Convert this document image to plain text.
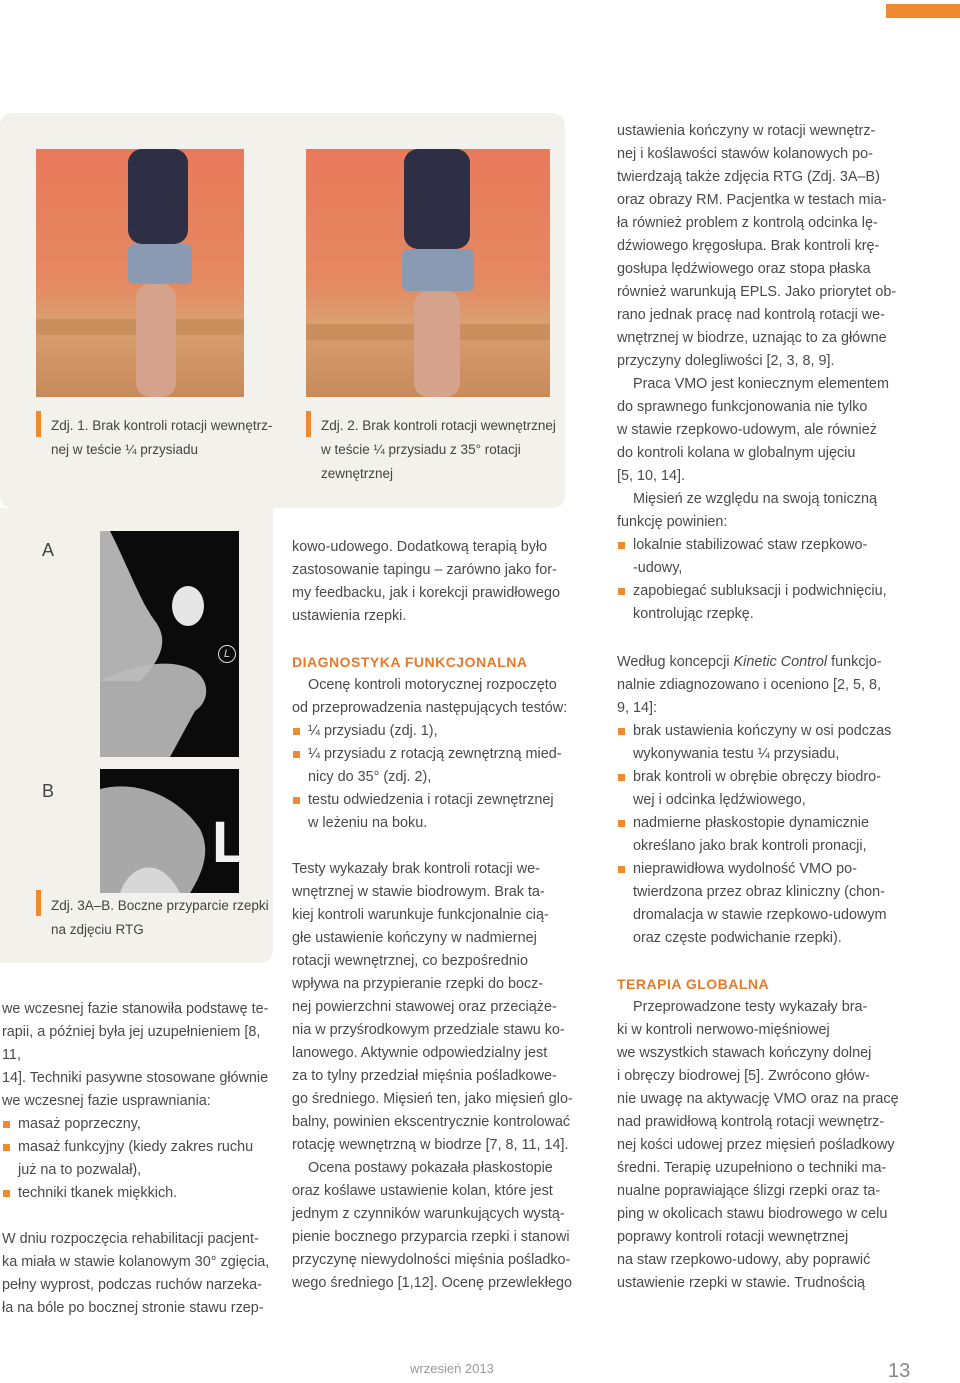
Zdj. 1. Brak kontroli rotacji wewnętrz-
nej w teście ¼ przysiadu
Zdj. 2. Brak kontroli rotacji wewnętrznej
w teście ¼ przysiadu z 35° rotacji
zewnętrznej
A
L
B
L
Zdj. 3A–B. Boczne przyparcie rzepki
na zdjęciu RTG

kowo-udowego. Dodatkową terapią było

zastosowanie tapingu – zarówno jako for-

my feedbacku, jak i korekcji prawidłowego

ustawienia rzepki.

ustawienia kończyny w rotacji wewnętrz-

nej i koślawości stawów kolanowych po-

twierdzają także zdjęcia RTG (Zdj. 3A–B)

oraz obrazy RM. Pacjentka w testach mia-

ła również problem z kontrolą odcinka lę-

dźwiowego kręgosłupa. Brak kontroli krę-

gosłupa lędźwiowego oraz stopa płaska

również warunkują EPLS. Jako priorytet ob-

rano jednak pracę nad kontrolą rotacji we-

wnętrznej w biodrze, uznając to za główne

przyczyny dolegliwości [2, 3, 8, 9].

Praca VMO jest koniecznym elementem

do sprawnego funkcjonowania nie tylko

w stawie rzepkowo-udowym, ale również

do kontroli kolana w globalnym ujęciu

[5, 10, 14].

Mięsień ze względu na swoją toniczną

funkcję powinien:

lokalnie stabilizować staw rzepkowo-
-udowy,
zapobiegać subluksacji i podwichnięciu,
kontrolując rzepkę.

we wczesnej fazie stanowiła podstawę te-

rapii, a później była jej uzupełnieniem [8, 11,

14]. Techniki pasywne stosowane głównie

we wczesnej fazie usprawniania:

masaż poprzeczny,
masaż funkcyjny (kiedy zakres ruchu
już na to pozwalał),
techniki tkanek miękkich.

W dniu rozpoczęcia rehabilitacji pacjent-

ka miała w stawie kolanowym 30° zgięcia,

pełny wyprost, podczas ruchów narzeka-

ła na bóle po bocznej stronie stawu rzep-

DIAGNOSTYKA FUNKCJONALNA

Ocenę kontroli motorycznej rozpoczęto

od przeprowadzenia następujących testów:

¼ przysiadu (zdj. 1),
¼ przysiadu z rotacją zewnętrzną mied-
nicy do 35° (zdj. 2),
testu odwiedzenia i rotacji zewnętrznej
w leżeniu na boku.

Testy wykazały brak kontroli rotacji we-

wnętrznej w stawie biodrowym. Brak ta-

kiej kontroli warunkuje funkcjonalnie cią-

głe ustawienie kończyny w nadmiernej

rotacji wewnętrznej, co bezpośrednio

wpływa na przypieranie rzepki do bocz-

nej powierzchni stawowej oraz przeciąże-

nia w przyśrodkowym przedziale stawu ko-

lanowego. Aktywnie odpowiedzialny jest

za to tylny przedział mięśnia pośladkowe-

go średniego. Mięsień ten, jako mięsień glo-

balny, powinien ekscentrycznie kontrolować

rotację wewnętrzną w biodrze [7, 8, 11, 14].

Ocena postawy pokazała płaskostopie

oraz koślawe ustawienie kolan, które jest

jednym z czynników warunkujących wystą-

pienie bocznego przyparcia rzepki i stanowi

przyczynę niewydolności mięśnia pośladko-

wego średniego [1,12]. Ocenę przewlekłego

Według koncepcji Kinetic Control funkcjo-

nalnie zdiagnozowano i oceniono [2, 5, 8,

9, 14]:

brak ustawienia kończyny w osi podczas
wykonywania testu ¼ przysiadu,
brak kontroli w obrębie obręczy biodro-
wej i odcinka lędźwiowego,
nadmierne płaskostopie dynamicznie
określano jako brak kontroli pronacji,
nieprawidłowa wydolność VMO po-
twierdzona przez obraz kliniczny (chon-
dromalacja w stawie rzepkowo-udowym
oraz częste podwichanie rzepki).

TERAPIA GLOBALNA

Przeprowadzone testy wykazały bra-

ki w kontroli nerwowo-mięśniowej

we wszystkich stawach kończyny dolnej

i obręczy biodrowej [5]. Zwrócono głów-

nie uwagę na aktywację VMO oraz na pracę

nad prawidłową kontrolą rotacji wewnętrz-

nej kości udowej przez mięsień pośladkowy

średni. Terapię uzupełniono o techniki ma-

nualne poprawiające ślizgi rzepki oraz ta-

ping w okolicach stawu biodrowego w celu

poprawy kontroli rotacji wewnętrznej

na staw rzepkowo-udowy, aby poprawić

ustawienie rzepki w stawie. Trudnością

wrzesień 2013	13
